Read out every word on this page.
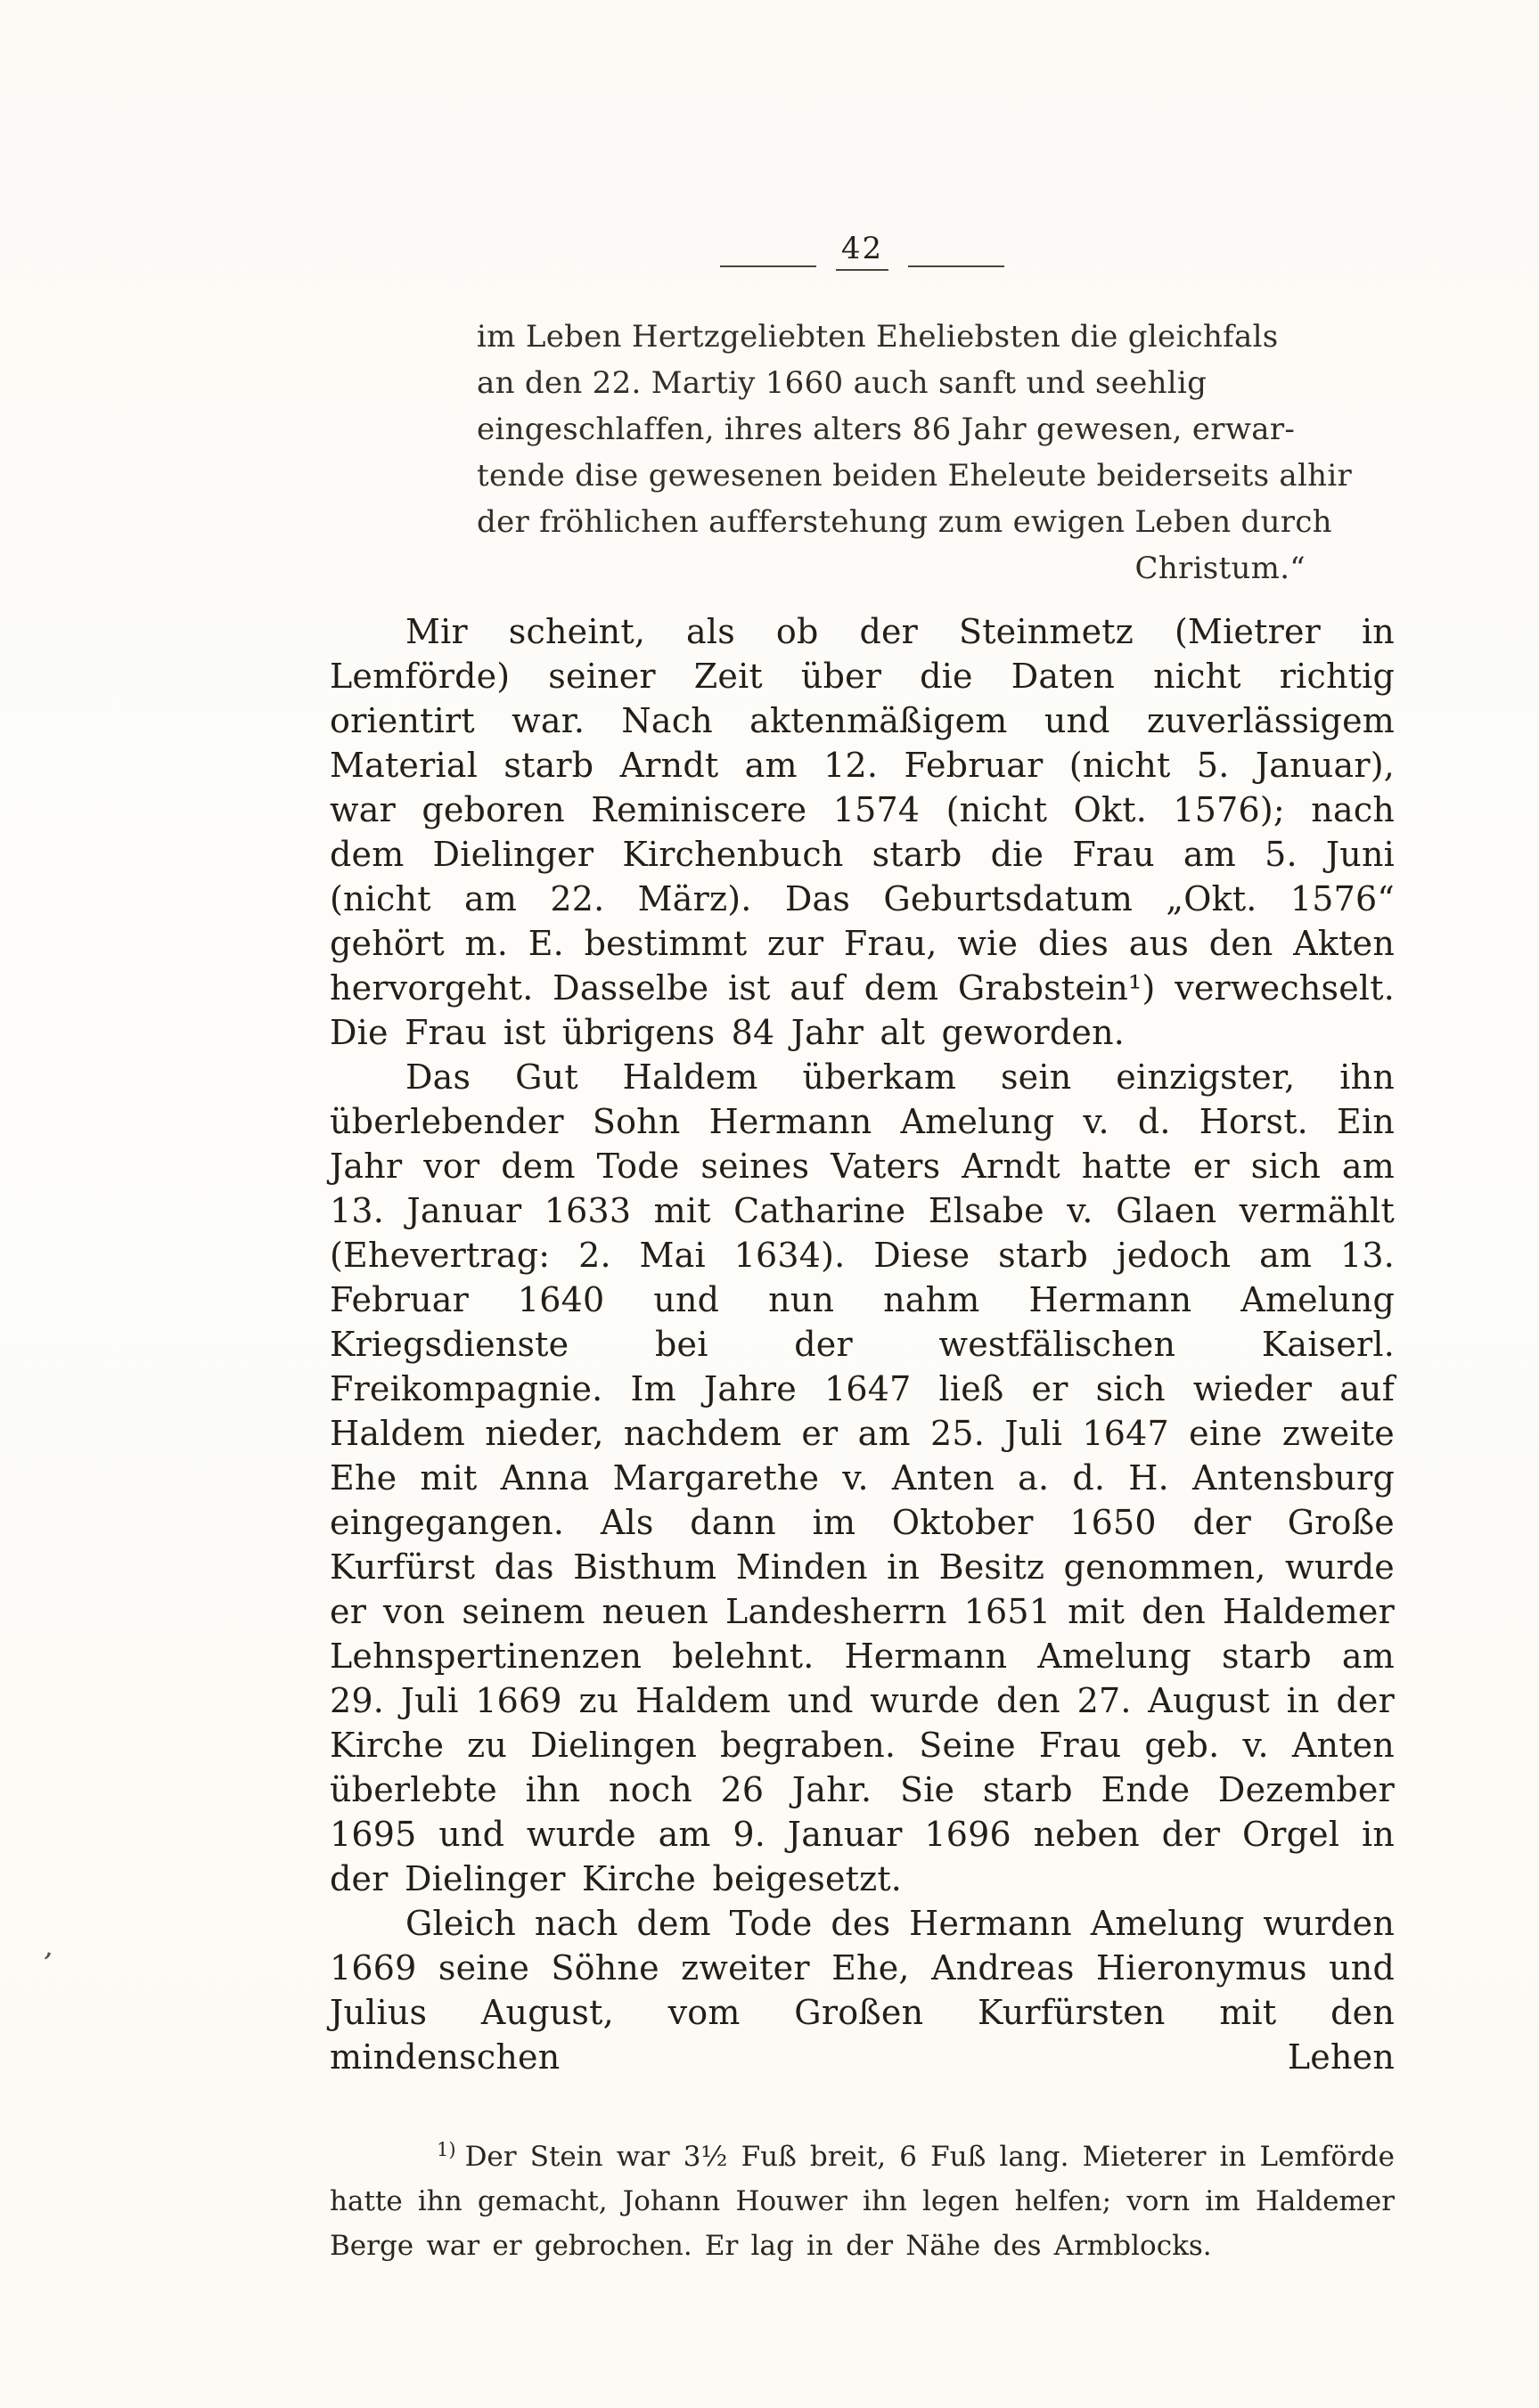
42
im Leben Hertzgeliebten Eheliebsten die gleichfals
an den 22. Martiy 1660 auch sanft und seehlig
eingeschlaffen, ihres alters 86 Jahr gewesen, erwar-
tende dise gewesenen beiden Eheleute beiderseits alhir
der fröhlichen aufferstehung zum ewigen Leben durch
Christum.“

Mir scheint, als ob der Steinmetz (Mietrer in Lemförde) seiner Zeit über die Daten nicht richtig orientirt war. Nach aktenmäßigem und zuverlässigem Material starb Arndt am 12. Februar (nicht 5. Januar), war geboren Reminiscere 1574 (nicht Okt. 1576); nach dem Dielinger Kirchenbuch starb die Frau am 5. Juni (nicht am 22. März). Das Geburtsdatum „Okt. 1576“ gehört m. E. bestimmt zur Frau, wie dies aus den Akten hervorgeht. Dasselbe ist auf dem Grabstein¹) verwechselt. Die Frau ist übrigens 84 Jahr alt geworden.

Das Gut Haldem überkam sein einzigster, ihn überlebender Sohn Hermann Amelung v. d. Horst. Ein Jahr vor dem Tode seines Vaters Arndt hatte er sich am 13. Januar 1633 mit Catharine Elsabe v. Glaen vermählt (Ehevertrag: 2. Mai 1634). Diese starb jedoch am 13. Februar 1640 und nun nahm Hermann Amelung Kriegsdienste bei der westfälischen Kaiserl. Freikompagnie. Im Jahre 1647 ließ er sich wieder auf Haldem nieder, nachdem er am 25. Juli 1647 eine zweite Ehe mit Anna Margarethe v. Anten a. d. H. Antensburg eingegangen. Als dann im Oktober 1650 der Große Kurfürst das Bisthum Minden in Besitz genommen, wurde er von seinem neuen Landesherrn 1651 mit den Haldemer Lehnspertinenzen belehnt. Hermann Amelung starb am 29. Juli 1669 zu Haldem und wurde den 27. August in der Kirche zu Dielingen begraben. Seine Frau geb. v. Anten überlebte ihn noch 26 Jahr. Sie starb Ende Dezember 1695 und wurde am 9. Januar 1696 neben der Orgel in der Dielinger Kirche beigesetzt.

Gleich nach dem Tode des Hermann Amelung wurden 1669 seine Söhne zweiter Ehe, Andreas Hieronymus und Julius August, vom Großen Kurfürsten mit den mindenschen Lehen

$^{1)}$ Der Stein war 3½ Fuß breit, 6 Fuß lang. Mieterer in Lemförde hatte ihn gemacht, Johann Houwer ihn legen helfen; vorn im Haldemer Berge war er gebrochen. Er lag in der Nähe des Armblocks.
’
